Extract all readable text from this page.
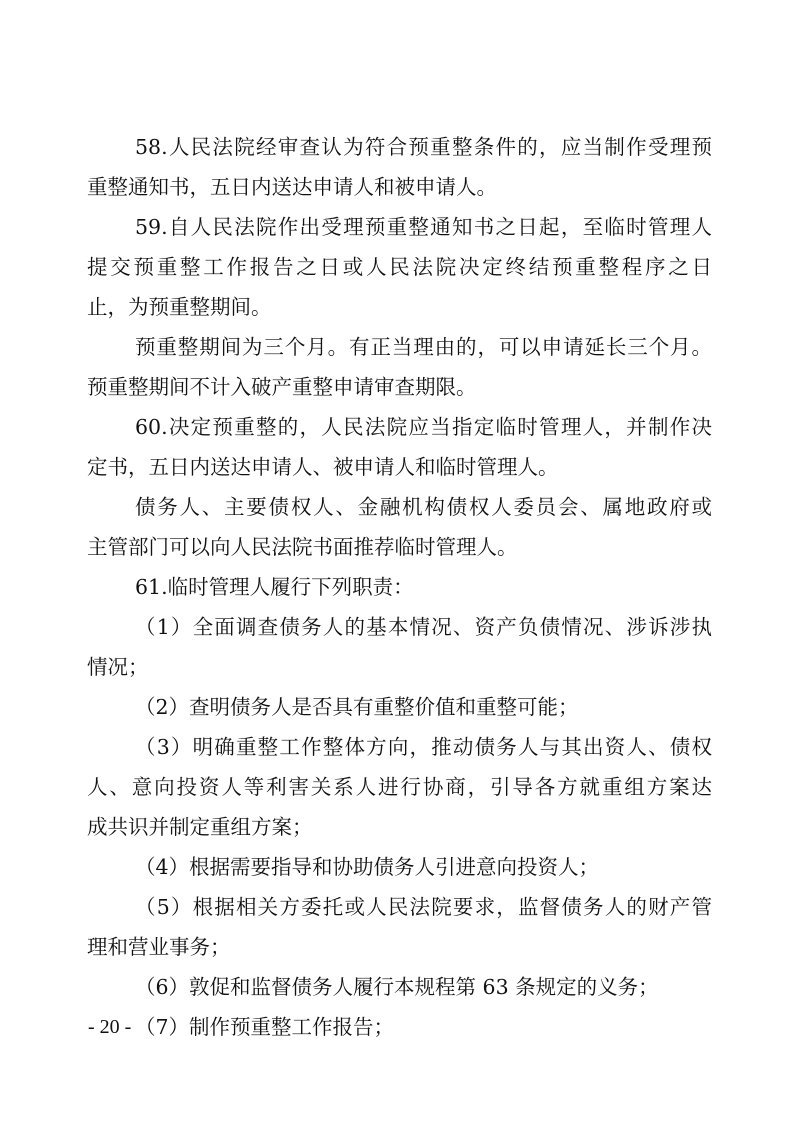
58.人民法院经审查认为符合预重整条件的，应当制作受理预
重整通知书，五日内送达申请人和被申请人。
59.自人民法院作出受理预重整通知书之日起，至临时管理人
提交预重整工作报告之日或人民法院决定终结预重整程序之日
止，为预重整期间。
预重整期间为三个月。有正当理由的，可以申请延长三个月。
预重整期间不计入破产重整申请审查期限。
60.决定预重整的，人民法院应当指定临时管理人，并制作决
定书，五日内送达申请人、被申请人和临时管理人。
债务人、主要债权人、金融机构债权人委员会、属地政府或
主管部门可以向人民法院书面推荐临时管理人。
61.临时管理人履行下列职责：
（1）全面调查债务人的基本情况、资产负债情况、涉诉涉执
情况；
（2）查明债务人是否具有重整价值和重整可能；
（3）明确重整工作整体方向，推动债务人与其出资人、债权
人、意向投资人等利害关系人进行协商，引导各方就重组方案达
成共识并制定重组方案；
（4）根据需要指导和协助债务人引进意向投资人；
（5）根据相关方委托或人民法院要求，监督债务人的财产管
理和营业事务；
（6）敦促和监督债务人履行本规程第 63 条规定的义务；
（7）制作预重整工作报告；
- 20 -
